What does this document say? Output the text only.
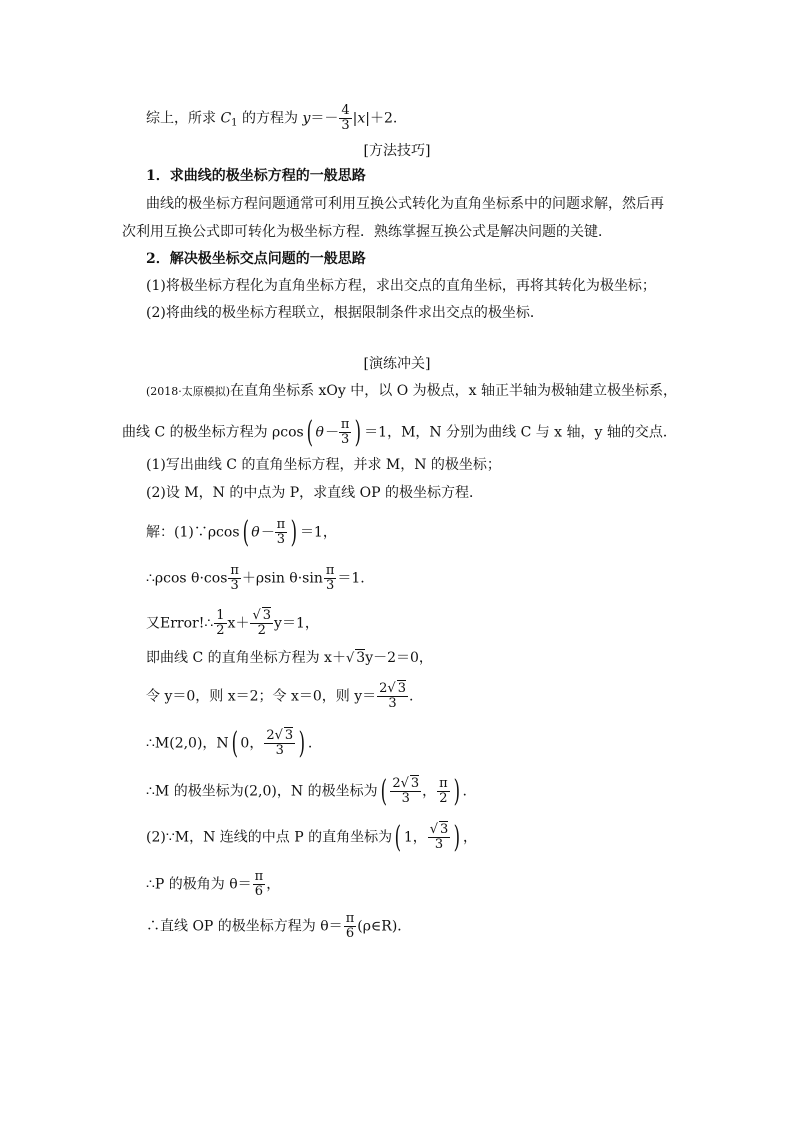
综上，所求 $C_1$ 的方程为 $y=- \frac{4}{3} |x|+2$.
[方法技巧]
1．求曲线的极坐标方程的一般思路
曲线的极坐标方程问题通常可利用互换公式转化为直角坐标系中的问题求解，然后再
次利用互换公式即可转化为极坐标方程．熟练掌握互换公式是解决问题的关键．
2．解决极坐标交点问题的一般思路
(1)将极坐标方程化为直角坐标方程，求出交点的直角坐标，再将其转化为极坐标；
(2)将曲线的极坐标方程联立，根据限制条件求出交点的极坐标．
[演练冲关]
(2018·太原模拟)在直角坐标系 xOy 中，以 O 为极点，x 轴正半轴为极轴建立极坐标系，
曲线 C 的极坐标方程为 ρcos( $\theta- \frac{\pi}{3}$ ) ＝1，M，N 分别为曲线 C 与 x 轴，y 轴的交点．
(1)写出曲线 C 的直角坐标方程，并求 M，N 的极坐标；
(2)设 M，N 的中点为 P，求直线 OP 的极坐标方程．
解：(1)∵ρcos( $\theta- \frac{\pi}{3}$ ) ＝1，
∴ρcos $\theta\cdot\cos \frac{\pi}{3} +\rho\sin$ $\theta\cdot\sin \frac{\pi}{3} =1$.
又Error!∴ $\frac{1}{2} x+ \frac{√ 3}{2} y=1$，
即曲线 C 的直角坐标方程为 x＋√ 3y－2＝0，
令 y＝0，则 x＝2；令 x＝0，则 $y= \frac{2√ 3}{3}$ .
∴M(2,0)，N( 0， $\frac{2√ 3}{3}$ ) .
∴M 的极坐标为(2,0)，N 的极坐标为( $\frac{2√ 3}{3}$ ， $\frac{\pi}{2}$ ) .
(2)∵M，N 连线的中点 P 的直角坐标为( 1， $\frac{√ 3}{3}$ ) ，
∴P 的极角为 $\theta= \frac{\pi}{6}$ ，
∴直线 OP 的极坐标方程为 $\theta= \frac{\pi}{6}$ (ρ∈R)．
